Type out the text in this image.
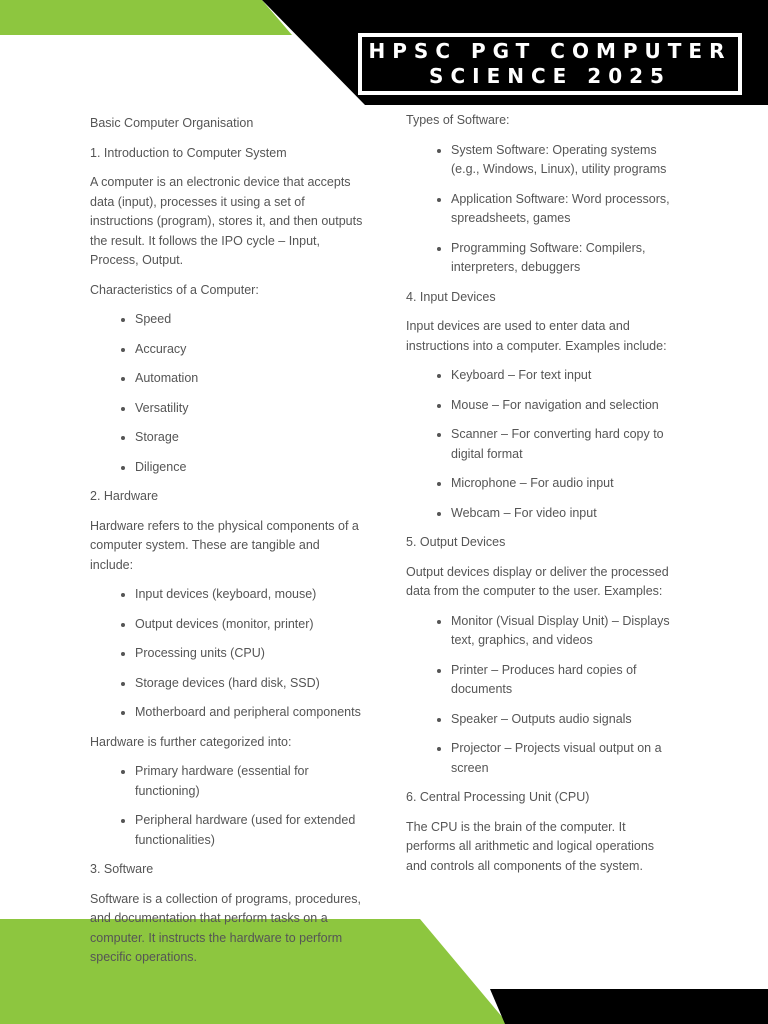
HPSC PGT COMPUTER
SCIENCE 2025

Basic Computer Organisation

1. Introduction to Computer System

A computer is an electronic device that accepts data (input), processes it using a set of instructions (program), stores it, and then outputs the result. It follows the IPO cycle – Input, Process, Output.

Characteristics of a Computer:

• Speed
• Accuracy
• Automation
• Versatility
• Storage
• Diligence

2. Hardware

Hardware refers to the physical components of a computer system. These are tangible and include:

• Input devices (keyboard, mouse)
• Output devices (monitor, printer)
• Processing units (CPU)
• Storage devices (hard disk, SSD)
• Motherboard and peripheral components

Hardware is further categorized into:

• Primary hardware (essential for functioning)
• Peripheral hardware (used for extended functionalities)

3. Software

Software is a collection of programs, procedures, and documentation that perform tasks on a computer. It instructs the hardware to perform specific operations.

Types of Software:

• System Software: Operating systems (e.g., Windows, Linux), utility programs
• Application Software: Word processors, spreadsheets, games
• Programming Software: Compilers, interpreters, debuggers

4. Input Devices

Input devices are used to enter data and instructions into a computer. Examples include:

• Keyboard – For text input
• Mouse – For navigation and selection
• Scanner – For converting hard copy to digital format
• Microphone – For audio input
• Webcam – For video input

5. Output Devices

Output devices display or deliver the processed data from the computer to the user. Examples:

• Monitor (Visual Display Unit) – Displays text, graphics, and videos
• Printer – Produces hard copies of documents
• Speaker – Outputs audio signals
• Projector – Projects visual output on a screen

6. Central Processing Unit (CPU)

The CPU is the brain of the computer. It performs all arithmetic and logical operations and controls all components of the system.
